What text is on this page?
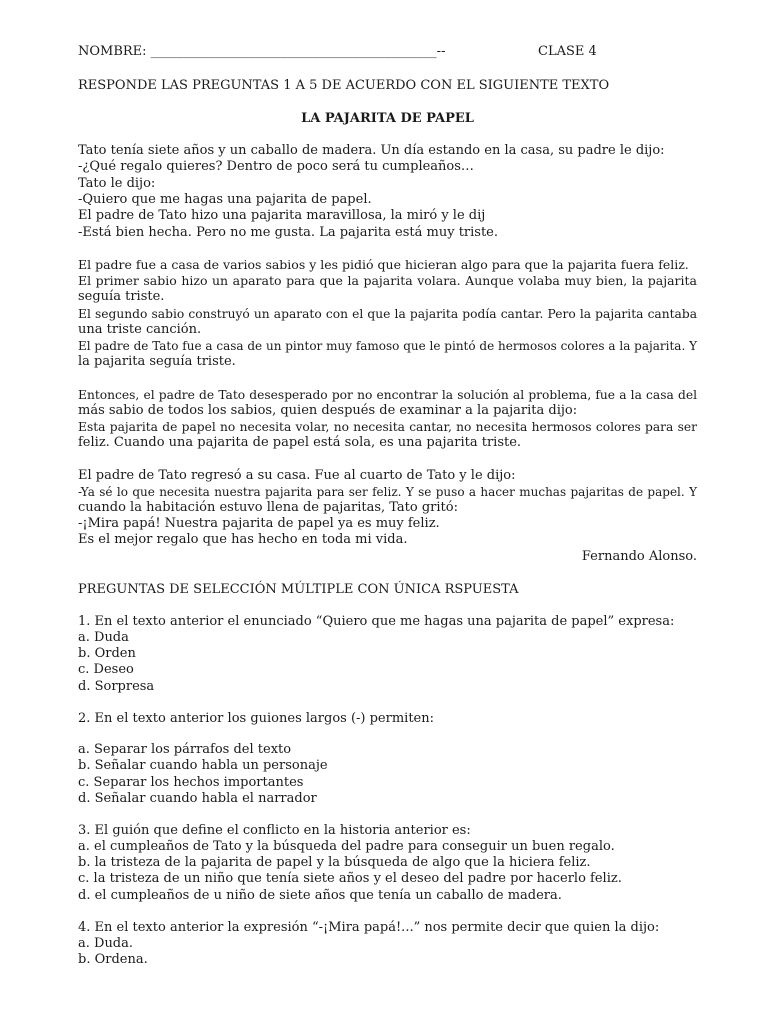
NOMBRE: ____________________________________________--	CLASE 4
RESPONDE LAS PREGUNTAS 1 A 5 DE ACUERDO CON EL SIGUIENTE TEXTO
LA PAJARITA DE PAPEL
Tato tenía siete años y un caballo de madera. Un día estando en la casa, su padre le dijo:
-¿Qué regalo quieres? Dentro de poco será tu cumpleaños…
Tato le dijo:
-Quiero que me hagas una pajarita de papel.
El padre de Tato hizo una pajarita maravillosa, la miró y le dij
-Está bien hecha. Pero no me gusta. La pajarita está muy triste.
El padre fue a casa de varios sabios y les pidió que hicieran algo para que la pajarita fuera feliz.
El primer sabio hizo un aparato para que la pajarita volara. Aunque volaba muy bien, la pajarita
seguía triste.
El segundo sabio construyó un aparato con el que la pajarita podía cantar. Pero la pajarita cantaba
una triste canción.
El padre de Tato fue a casa de un pintor muy famoso que le pintó de hermosos colores a la pajarita. Y
la pajarita seguía triste.
Entonces, el padre de Tato desesperado por no encontrar la solución al problema, fue a la casa del
más sabio de todos los sabios, quien después de examinar a la pajarita dijo:
Esta pajarita de papel no necesita volar, no necesita cantar, no necesita hermosos colores para ser
feliz. Cuando una pajarita de papel está sola, es una pajarita triste.
El padre de Tato regresó a su casa. Fue al cuarto de Tato y le dijo:
-Ya sé lo que necesita nuestra pajarita para ser feliz. Y se puso a hacer muchas pajaritas de papel. Y
cuando la habitación estuvo llena de pajaritas, Tato gritó:
-¡Mira papá! Nuestra pajarita de papel ya es muy feliz.
Es el mejor regalo que has hecho en toda mi vida.
Fernando Alonso.
PREGUNTAS DE SELECCIÓN MÚLTIPLE CON ÚNICA RSPUESTA
1. En el texto anterior el enunciado “Quiero que me hagas una pajarita de papel” expresa:
a. Duda
b. Orden
c. Deseo
d. Sorpresa
2. En el texto anterior los guiones largos (-) permiten:
a. Separar los párrafos del texto
b. Señalar cuando habla un personaje
c. Separar los hechos importantes
d. Señalar cuando habla el narrador
3. El guión que define el conflicto en la historia anterior es:
a. el cumpleaños de Tato y la búsqueda del padre para conseguir un buen regalo.
b. la tristeza de la pajarita de papel y la búsqueda de algo que la hiciera feliz.
c. la tristeza de un niño que tenía siete años y el deseo del padre por hacerlo feliz.
d. el cumpleaños de u niño de siete años que tenía un caballo de madera.
4. En el texto anterior la expresión “-¡Mira papá!...” nos permite decir que quien la dijo:
a. Duda.
b. Ordena.
